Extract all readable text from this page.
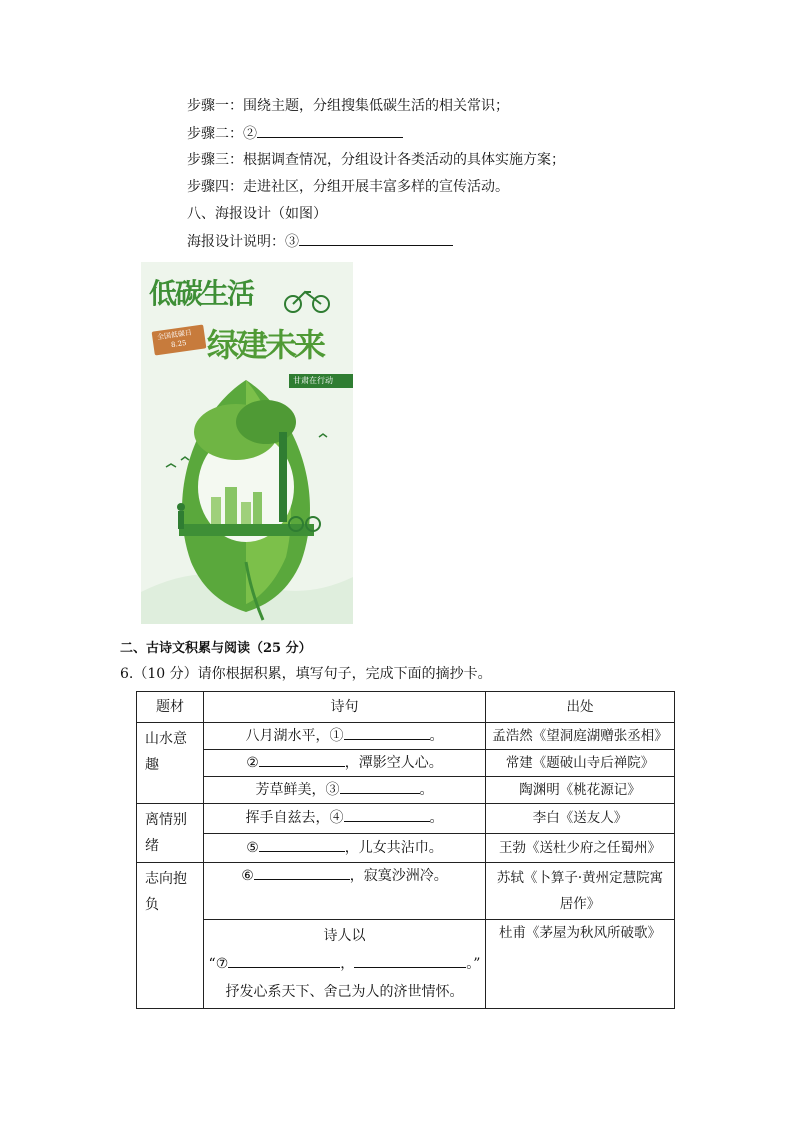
步骤一：围绕主题，分组搜集低碳生活的相关常识；
步骤二：②
步骤三：根据调查情况，分组设计各类活动的具体实施方案；
步骤四：走进社区，分组开展丰富多样的宣传活动。
八、海报设计（如图）
海报设计说明：③
低碳生活
绿建未来
全国低碳日
8.25
甘肃在行动
二、古诗文积累与阅读（25 分）
6.（10 分）请你根据积累，填写句子，完成下面的摘抄卡。
题材	诗句	出处
山水意趣	八月湖水平，① 。	孟浩然《望洞庭湖赠张丞相》
	② ，潭影空人心。	常建《题破山寺后禅院》
	芳草鲜美，③ 。	陶渊明《桃花源记》
离情别绪	挥手自兹去，④ 。	李白《送友人》
	⑤ ，儿女共沾巾。	王勃《送杜少府之任蜀州》
志向抱负	⑥ ，寂寞沙洲冷。	苏轼《卜算子·黄州定慧院寓居作》

	诗人以
“⑦ ， 。”
抒发心系天下、舍己为人的济世情怀。	杜甫《茅屋为秋风所破歌》
